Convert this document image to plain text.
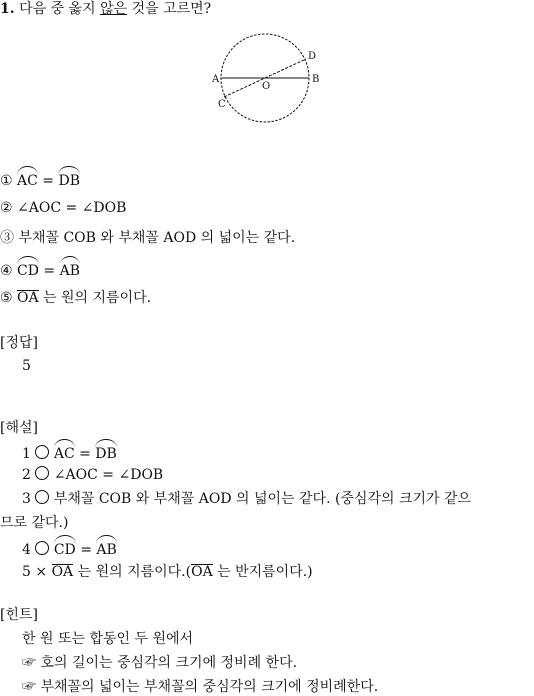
1. 다음 중 옳지 않은 것을 고르면?
A	B
C
D
O
① AC = DB
② ∠AOC = ∠DOB
③ 부채꼴 COB 와 부채꼴 AOD 의 넓이는 같다.
④ CD = AB
⑤ OA 는 원의 지름이다.
[정답]
5
[해설]
1 AC = DB
2 ∠AOC = ∠DOB
3 부채꼴 COB 와 부채꼴 AOD 의 넓이는 같다. (중심각의 크기가 같으
므로 같다.)
4 CD = AB
5 × OA 는 원의 지름이다.(OA 는 반지름이다.)
[힌트]
한 원 또는 합동인 두 원에서
☞ 호의 길이는 중심각의 크기에 정비례 한다.
☞ 부채꼴의 넓이는 부채꼴의 중심각의 크기에 정비례한다.
